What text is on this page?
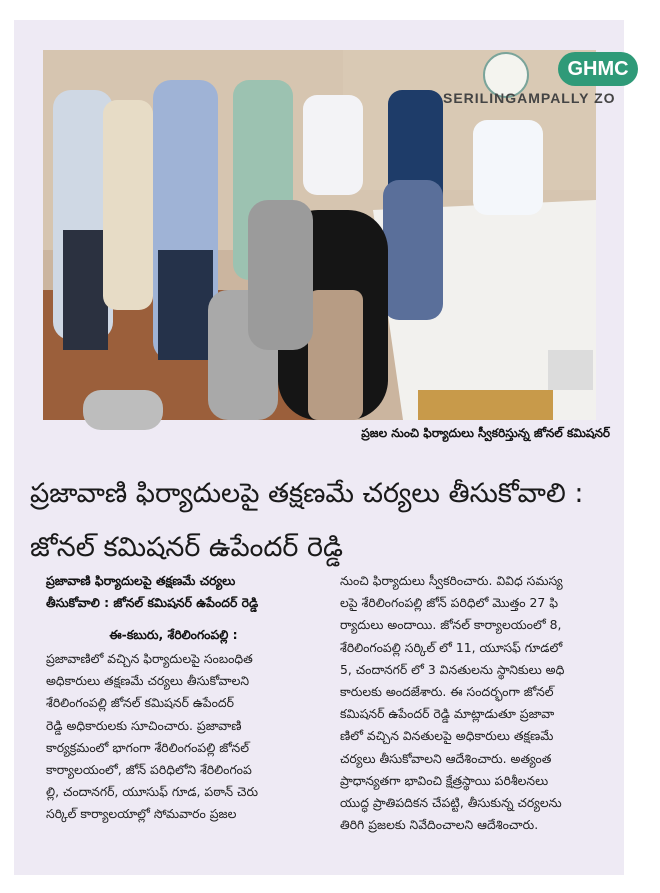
GHMC
SERILINGAMPALLY ZO
ప్రజల నుంచి ఫిర్యాదులు స్వీకరిస్తున్న జోనల్ కమిషనర్
ప్రజావాణి ఫిర్యాదులపై తక్షణమే చర్యలు తీసుకోవాలి :
జోనల్ కమిషనర్ ఉపేందర్ రెడ్డి
ప్రజావాణి ఫిర్యాదులపై తక్షణమే చర్యలు
తీసుకోవాలి : జోనల్ కమిషనర్ ఉపేందర్ రెడ్డి
ఈ-కబురు, శేరిలింగంపల్లి :
ప్రజావాణిలో వచ్చిన ఫిర్యాదులపై సంబంధిత
అధికారులు తక్షణమే చర్యలు తీసుకోవాలని
శేరిలింగంపల్లి జోనల్ కమిషనర్ ఉపేందర్
రెడ్డి అధికారులకు సూచించారు. ప్రజావాణి
కార్యక్రమంలో భాగంగా శేరిలింగంపల్లి జోనల్
కార్యాలయంలో, జోన్ పరిధిలోని శేరిలింగంప
ల్లి, చందానగర్, యూసుఫ్ గూడ, పఠాన్ చెరు
సర్కిల్ కార్యాలయాల్లో సోమవారం ప్రజల
నుంచి ఫిర్యాదులు స్వీకరించారు. వివిధ సమస్య
లపై శేరిలింగంపల్లి జోన్ పరిధిలో మొత్తం 27 ఫి
ర్యాదులు అందాయి. జోనల్ కార్యాలయంలో 8,
శేరిలింగంపల్లి సర్కిల్ లో 11, యూసఫ్ గూడలో
5, చందానగర్ లో 3 వినతులను స్థానికులు అధి
కారులకు అందజేశారు. ఈ సందర్భంగా జోనల్
కమిషనర్ ఉపేందర్ రెడ్డి మాట్లాడుతూ ప్రజావా
ణిలో వచ్చిన వినతులపై అధికారులు తక్షణమే
చర్యలు తీసుకోవాలని ఆదేశించారు. అత్యంత
ప్రాధాన్యతగా భావించి క్షేత్రస్థాయి పరిశీలనలు
యుద్ధ ప్రాతిపదికన చేపట్టి, తీసుకున్న చర్యలను
తిరిగి ప్రజలకు నివేదించాలని ఆదేశించారు.
